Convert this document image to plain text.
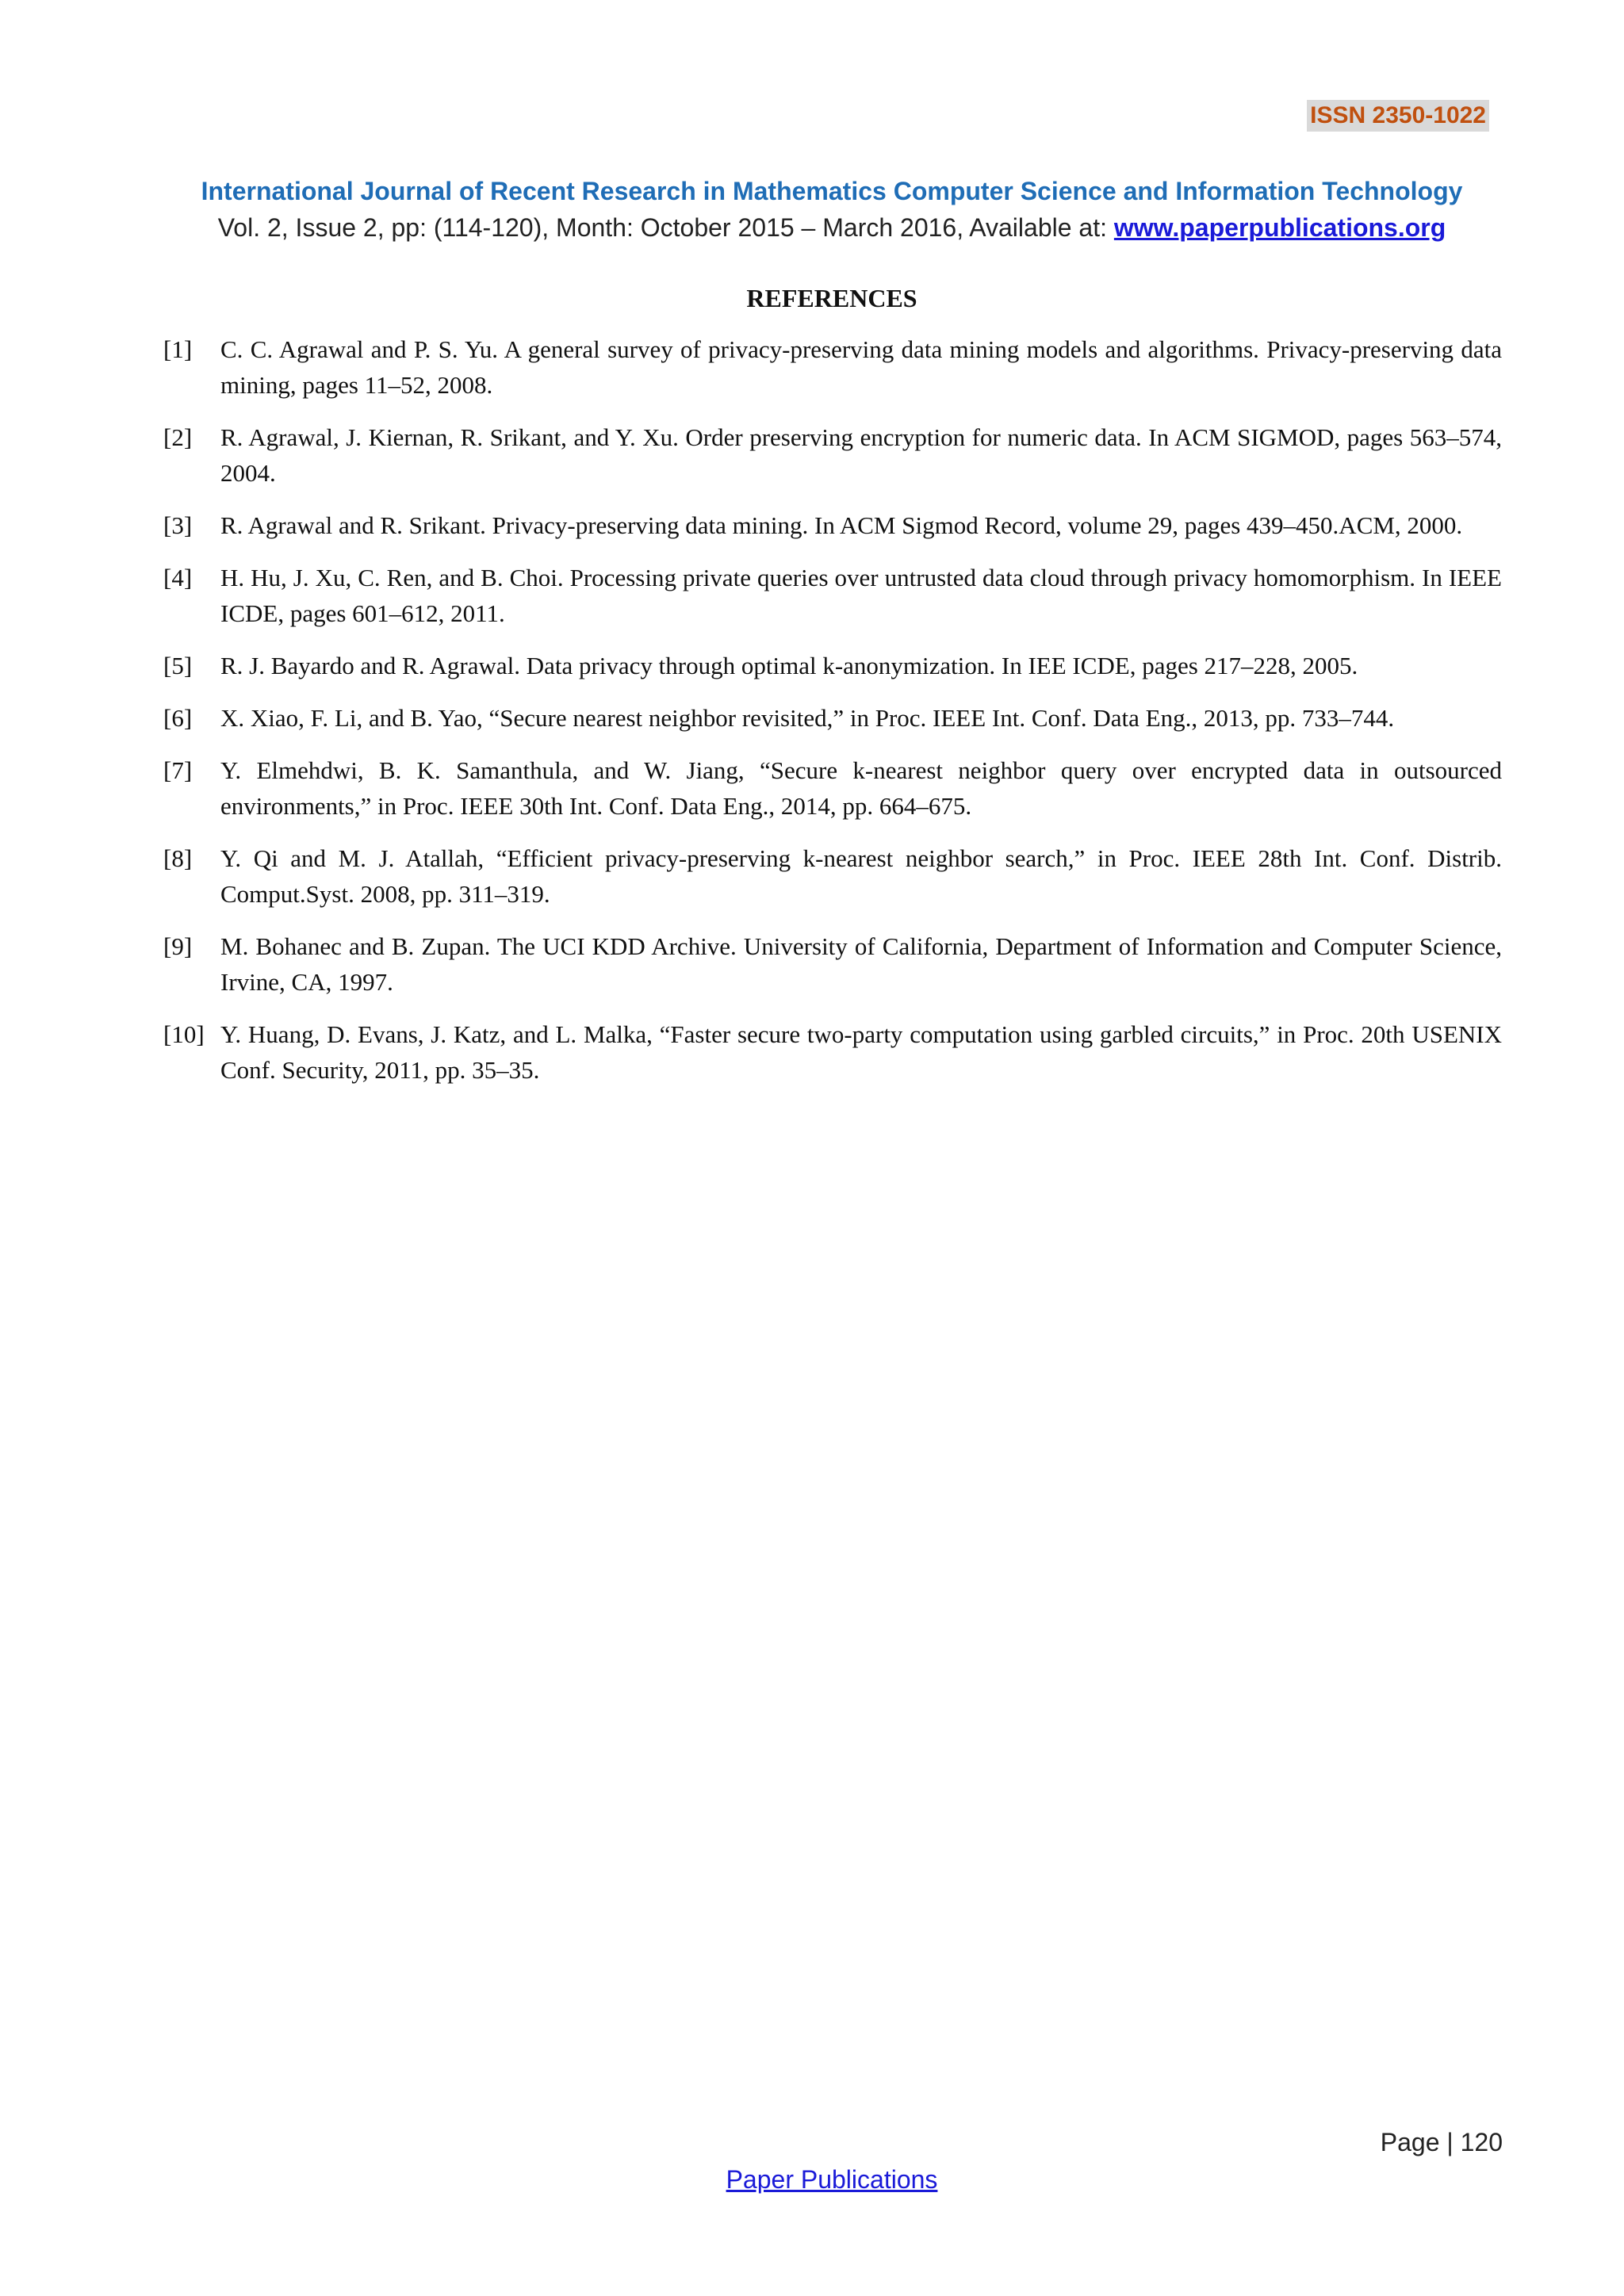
ISSN 2350-1022
International Journal of Recent Research in Mathematics Computer Science and Information Technology
Vol. 2, Issue 2, pp: (114-120), Month: October 2015 – March 2016, Available at: www.paperpublications.org
REFERENCES
[1]	C. C. Agrawal and P. S. Yu. A general survey of privacy-preserving data mining models and algorithms. Privacy-preserving data mining, pages 11–52, 2008.
[2]	R. Agrawal, J. Kiernan, R. Srikant, and Y. Xu. Order preserving encryption for numeric data. In ACM SIGMOD, pages 563–574, 2004.
[3]	R. Agrawal and R. Srikant. Privacy-preserving data mining. In ACM Sigmod Record, volume 29, pages 439–450.ACM, 2000.
[4]	H. Hu, J. Xu, C. Ren, and B. Choi. Processing private queries over untrusted data cloud through privacy homomorphism. In IEEE ICDE, pages 601–612, 2011.
[5]	R. J. Bayardo and R. Agrawal. Data privacy through optimal k-anonymization. In IEE ICDE, pages 217–228, 2005.
[6]	X. Xiao, F. Li, and B. Yao, “Secure nearest neighbor revisited,” in Proc. IEEE Int. Conf. Data Eng., 2013, pp. 733–744.
[7]	Y. Elmehdwi, B. K. Samanthula, and W. Jiang, “Secure k-nearest neighbor query over encrypted data in outsourced environments,” in Proc. IEEE 30th Int. Conf. Data Eng., 2014, pp. 664–675.
[8]	Y. Qi and M. J. Atallah, “Efficient privacy-preserving k-nearest neighbor search,” in Proc. IEEE 28th Int. Conf. Distrib. Comput.Syst. 2008, pp. 311–319.
[9]	M. Bohanec and B. Zupan. The UCI KDD Archive. University of California, Department of Information and Computer Science, Irvine, CA, 1997.
[10] Y. Huang, D. Evans, J. Katz, and L. Malka, “Faster secure two-party computation using garbled circuits,” in Proc. 20th USENIX Conf. Security, 2011, pp. 35–35.
Page | 120
Paper Publications
